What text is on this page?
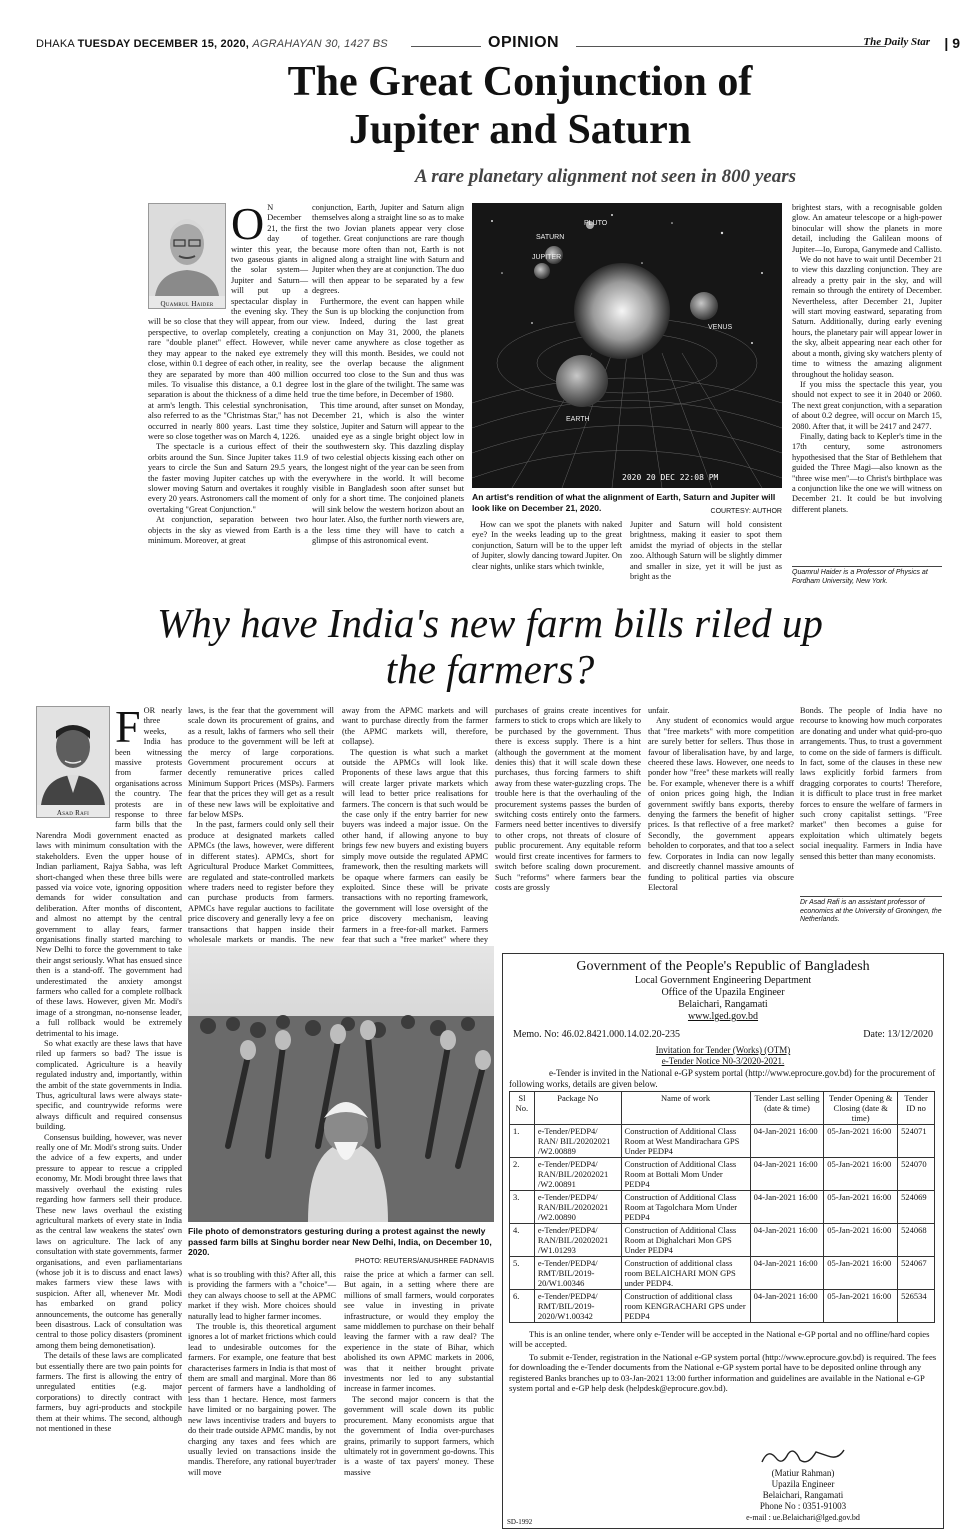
DHAKA TUESDAY DECEMBER 15, 2020, AGRAHAYAN 30, 1427 BS	OPINION	The Daily Star | 9
The Great Conjunction of
Jupiter and Saturn
A rare planetary alignment not seen in 800 years
Quamrul Haider
O N December 21, the first day of winter this year, the two gaseous giants in the solar system—Jupiter and Saturn—will put up a spectacular display in the evening sky. They will be so close that they will appear, from our perspective, to overlap completely, creating a rare "double planet" effect. However, while they may appear to the naked eye extremely close, within 0.1 degree of each other, in reality, they are separated by more than 400 million miles. To visualise this distance, a 0.1 degree separation is about the thickness of a dime held at arm's length. This celestial synchronisation, also referred to as the "Christmas Star," has not occurred in nearly 800 years. Last time they were so close together was on March 4, 1226.

The spectacle is a curious effect of their orbits around the Sun. Since Jupiter takes 11.9 years to circle the Sun and Saturn 29.5 years, the faster moving Jupiter catches up with the slower moving Saturn and overtakes it roughly every 20 years. Astronomers call the moment of overtaking "Great Conjunction."

At conjunction, separation between two objects in the sky as viewed from Earth is a minimum. Moreover, at great

conjunction, Earth, Jupiter and Saturn align themselves along a straight line so as to make the two Jovian planets appear very close together. Great conjunctions are rare though because more often than not, Earth is not aligned along a straight line with Saturn and Jupiter when they are at conjunction. The duo will then appear to be separated by a few degrees.

Furthermore, the event can happen while the Sun is up blocking the conjunction from view. Indeed, during the last great conjunction on May 31, 2000, the planets never came anywhere as close together as they will this month. Besides, we could not see the overlap because the alignment occurred too close to the Sun and thus was lost in the glare of the twilight. The same was true the time before, in December of 1980.

This time around, after sunset on Monday, December 21, which is also the winter solstice, Jupiter and Saturn will appear to the unaided eye as a single bright object low in the southwestern sky. This dazzling display of two celestial objects kissing each other on the longest night of the year can be seen from everywhere in the world. It will become visible in Bangladesh soon after sunset but only for a short time. The conjoined planets will sink below the western horizon about an hour later. Also, the further north viewers are, the less time they will have to catch a glimpse of this astronomical event.

PLUTO
SATURN
JUPITER
VENUS
EARTH
2020 20 DEC 22:08 PM
An artist's rendition of what the alignment of Earth, Saturn and Jupiter will look like on December 21, 2020.	COURTESY: AUTHOR

How can we spot the planets with naked eye? In the weeks leading up to the great conjunction, Saturn will be to the upper left of Jupiter, slowly dancing toward Jupiter. On clear nights, unlike stars which twinkle,

Jupiter and Saturn will hold consistent brightness, making it easier to spot them amidst the myriad of objects in the stellar zoo. Although Saturn will be slightly dimmer and smaller in size, yet it will be just as bright as the

brightest stars, with a recognisable golden glow. An amateur telescope or a high-power binocular will show the planets in more detail, including the Galilean moons of Jupiter—Io, Europa, Ganymede and Callisto.

We do not have to wait until December 21 to view this dazzling conjunction. They are already a pretty pair in the sky, and will remain so through the entirety of December. Nevertheless, after December 21, Jupiter will start moving eastward, separating from Saturn. Additionally, during early evening hours, the planetary pair will appear lower in the sky, albeit appearing near each other for about a month, giving sky watchers plenty of time to witness the amazing alignment throughout the holiday season.

If you miss the spectacle this year, you should not expect to see it in 2040 or 2060. The next great conjunction, with a separation of about 0.2 degree, will occur on March 15, 2080. After that, it will be 2417 and 2477.

Finally, dating back to Kepler's time in the 17th century, some astronomers hypothesised that the Star of Bethlehem that guided the Three Magi—also known as the "three wise men"—to Christ's birthplace was a conjunction like the one we will witness on December 21. It could be but involving different planets.

Quamrul Haider is a Professor of Physics at Fordham University, New York.
Why have India's new farm bills riled up
the farmers?
Asad Rafi
F OR nearly three weeks, India has been witnessing massive protests from farmer organisations across the country. The protests are in response to three farm bills that the Narendra Modi government enacted as laws with minimum consultation with the stakeholders. Even the upper house of Indian parliament, Rajya Sabha, was left short-changed when these three bills were passed via voice vote, ignoring opposition demands for wider consultation and deliberation. After months of discontent, and almost no attempt by the central government to allay fears, farmer organisations finally started marching to New Delhi to force the government to take their angst seriously. What has ensued since then is a stand-off. The government had underestimated the anxiety amongst farmers who called for a complete rollback of these laws. However, given Mr. Modi's image of a strongman, no-nonsense leader, a full rollback would be extremely detrimental to his image.

So what exactly are these laws that have riled up farmers so bad? The issue is complicated. Agriculture is a heavily regulated industry and, importantly, within the ambit of the state governments in India. Thus, agricultural laws were always state-specific, and countrywide reforms were always difficult and required consensus building.

Consensus building, however, was never really one of Mr. Modi's strong suits. Under the advice of a few experts, and under pressure to appear to rescue a crippled economy, Mr. Modi brought three laws that massively overhaul the existing rules regarding how farmers sell their produce. These new laws overhaul the existing agricultural markets of every state in India as the central law weakens the states' own laws on agriculture. The lack of any consultation with state governments, farmer organisations, and even parliamentarians (whose job it is to discuss and enact laws) makes farmers view these laws with suspicion. After all, whenever Mr. Modi has embarked on grand policy announcements, the outcome has generally been disastrous. Lack of consultation was central to those policy disasters (prominent among them being demonetisation).

The details of these laws are complicated but essentially there are two pain points for farmers. The first is allowing the entry of unregulated entities (e.g. major corporations) to directly contract with farmers, buy agri-products and stockpile them at their whims. The second, although not mentioned in these

laws, is the fear that the government will scale down its procurement of grains, and as a result, lakhs of farmers who sell their produce to the government will be left at the mercy of large corporations. Government procurement occurs at decently remunerative prices called Minimum Support Prices (MSPs). Farmers fear that the prices they will get as a result of these new laws will be exploitative and far below MSPs.

In the past, farmers could only sell their produce at designated markets called APMCs (the laws, however, were different in different states). APMCs, short for Agricultural Produce Market Committees, are regulated and state-controlled markets where traders need to register before they can purchase products from farmers. APMCs have regular auctions to facilitate price discovery and generally levy a fee on transactions that happen inside their wholesale markets or mandis. The new

away from the APMC markets and will want to purchase directly from the farmer (the APMC markets will, therefore, collapse).

The question is what such a market outside the APMCs will look like. Proponents of these laws argue that this will create larger private markets which will lead to better price realisations for farmers. The concern is that such would be the case only if the entry barrier for new buyers was indeed a major issue. On the other hand, if allowing anyone to buy brings few new buyers and existing buyers simply move outside the regulated APMC framework, then the resulting markets will be opaque where farmers can easily be exploited. Since these will be private transactions with no reporting framework, the government will lose oversight of the price discovery mechanism, leaving farmers in a free-for-all market. Farmers fear that such a "free market" where they

purchases of grains create incentives for farmers to stick to crops which are likely to be purchased by the government. Thus there is excess supply. There is a hint (although the government at the moment denies this) that it will scale down these purchases, thus forcing farmers to shift away from these water-guzzling crops. The trouble here is that the overhauling of the procurement systems passes the burden of switching costs entirely onto the farmers. Farmers need better incentives to diversify to other crops, not threats of closure of public procurement. Any equitable reform would first create incentives for farmers to switch before scaling down procurement. Such "reforms" where farmers bear the costs are grossly

unfair.

Any student of economics would argue that "free markets" with more competition are surely better for sellers. Thus those in favour of liberalisation have, by and large, cheered these laws. However, one needs to ponder how "free" these markets will really be. For example, whenever there is a whiff of onion prices going high, the Indian government swiftly bans exports, thereby denying the farmers the benefit of higher prices. Is that reflective of a free market? Secondly, the government appears beholden to corporates, and that too a select few. Corporates in India can now legally and discreetly channel massive amounts of funding to political parties via obscure Electoral

Bonds. The people of India have no recourse to knowing how much corporates are donating and under what quid-pro-quo arrangements. Thus, to trust a government to come on the side of farmers is difficult. In fact, some of the clauses in these new laws explicitly forbid farmers from dragging corporates to courts! Therefore, it is difficult to place trust in free market forces to ensure the welfare of farmers in such crony capitalist settings. "Free market" then becomes a guise for exploitation which ultimately begets social inequality. Farmers in India have sensed this better than many economists.

Dr Asad Rafi is an assistant professor of economics at the University of Groningen, the Netherlands.
File photo of demonstrators gesturing during a protest against the newly passed farm bills at Singhu border near New Delhi, India, on December 10, 2020.
PHOTO: REUTERS/ANUSHREE FADNAVIS

what is so troubling with this? After all, this is providing the farmers with a "choice"—they can always choose to sell at the APMC market if they wish. More choices should naturally lead to higher farmer incomes.

The trouble is, this theoretical argument ignores a lot of market frictions which could lead to undesirable outcomes for the farmers. For example, one feature that best characterises farmers in India is that most of them are small and marginal. More than 86 percent of farmers have a landholding of less than 1 hectare. Hence, most farmers have limited or no bargaining power. The new laws incentivise traders and buyers to do their trade outside APMC mandis, by not charging any taxes and fees which are usually levied on transactions inside the mandis. Therefore, any rational buyer/trader will move

raise the price at which a farmer can sell. But again, in a setting where there are millions of small farmers, would corporates see value in investing in private infrastructure, or would they employ the same middlemen to purchase on their behalf leaving the farmer with a raw deal? The experience in the state of Bihar, which abolished its own APMC markets in 2006, was that it neither brought private investments nor led to any substantial increase in farmer incomes.

The second major concern is that the government will scale down its public procurement. Many economists argue that the government of India over-purchases grains, primarily to support farmers, which ultimately rot in government go-downs. This is a waste of tax payers' money. These massive

Government of the People's Republic of Bangladesh
Local Government Engineering Department
Office of the Upazila Engineer
Belaichari, Rangamati
www.lged.gov.bd
Memo. No: 46.02.8421.000.14.02.20-235	Date: 13/12/2020
Invitation for Tender (Works) (OTM)
e-Tender Notice N0-3/2020-2021.
e-Tender is invited in the National e-GP system portal (http://www.eprocure.gov.bd) for the procurement of following works, details are given below.
Sl No.	Package No	Name of work	Tender Last selling (date & time)	Tender Opening & Closing (date & time)	Tender ID no
1.	e-Tender/PEDP4/ RAN/ BIL/20202021 /W2.00889	Construction of Additional Class Room at West Mandirachara GPS Under PEDP4	04-Jan-2021 16:00	05-Jan-2021 16:00	524071
2.	e-Tender/PEDP4/ RAN/BIL/20202021 /W2.00891	Construction of Additional Class Room at Bottali Mom Under PEDP4	04-Jan-2021 16:00	05-Jan-2021 16:00	524070
3.	e-Tender/PEDP4/ RAN/BIL/20202021 /W2.00890	Construction of Additional Class Room at Tagolchara Mom Under PEDP4	04-Jan-2021 16:00	05-Jan-2021 16:00	524069
4.	e-Tender/PEDP4/ RAN/BIL/20202021 /W1.01293	Construction of Additional Class Room at Dighalchari Mon GPS Under PEDP4	04-Jan-2021 16:00	05-Jan-2021 16:00	524068
5.	e-Tender/PEDP4/ RMT/BIL/2019-20/W1.00346	Construction of additional class room BELAICHARI MON GPS under PEDP4.	04-Jan-2021 16:00	05-Jan-2021 16:00	524067
6.	e-Tender/PEDP4/ RMT/BIL/2019-2020/W1.00342	Construction of additional class room KENGRACHARI GPS under PEDP4	04-Jan-2021 16:00	05-Jan-2021 16:00	526534
This is an online tender, where only e-Tender will be accepted in the National e-GP portal and no offline/hard copies will be accepted.
To submit e-Tender, registration in the National e-GP system portal (http://www.eprocure.gov.bd) is required. The fees for downloading the e-Tender documents from the National e-GP system portal have to be deposited online through any registered Banks branches up to 03-Jan-2021 13:00 further information and guidelines are available in the National e-GP system portal and e-GP help desk (helpdesk@eprocure.gov.bd).
(Matiur Rahman)
Upazila Engineer
Belaichari, Rangamati
Phone No : 0351-91003
e-mail : ue.Belaichari@lged.gov.bd
SD-1992
